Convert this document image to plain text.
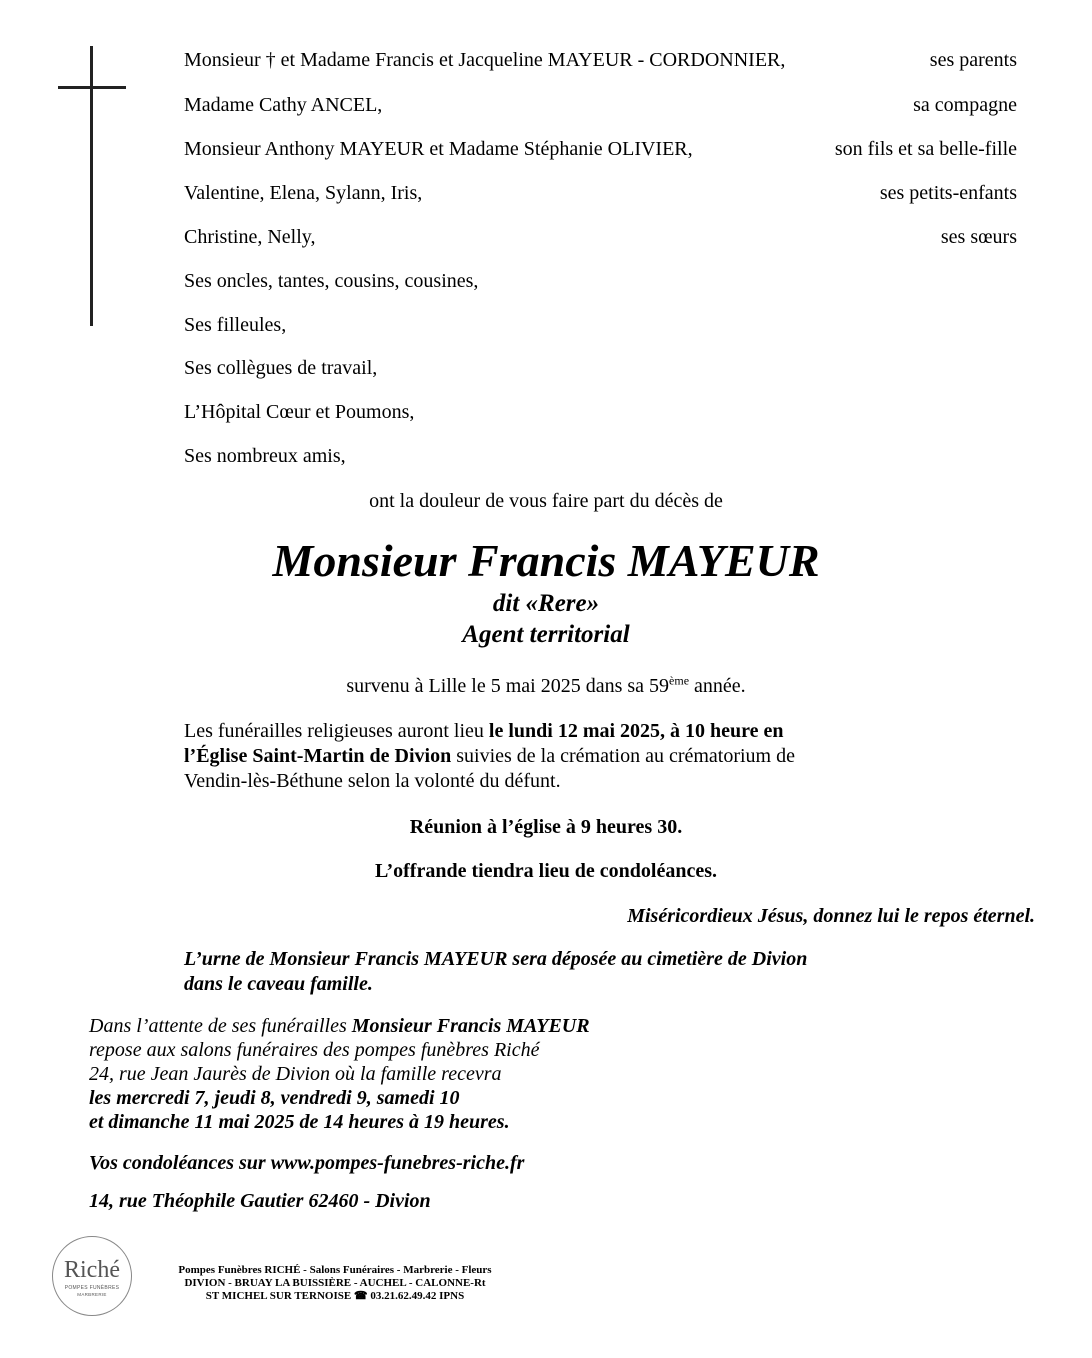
Monsieur † et Madame Francis et Jacqueline MAYEUR - CORDONNIER,	ses parents
Madame Cathy ANCEL,	sa compagne
Monsieur Anthony MAYEUR et Madame Stéphanie OLIVIER,	son fils et sa belle-fille
Valentine, Elena, Sylann, Iris,	ses petits-enfants
Christine, Nelly,	ses sœurs
Ses oncles, tantes, cousins, cousines,
Ses filleules,
Ses collègues de travail,
L’Hôpital Cœur et Poumons,
Ses nombreux amis,
ont la douleur de vous faire part du décès de
Monsieur Francis MAYEUR
dit «Rere»
Agent territorial
survenu à Lille le 5 mai 2025 dans sa 59ème année.
Les funérailles religieuses auront lieu le lundi 12 mai 2025, à 10 heure en
l’Église Saint-Martin de Divion suivies de la crémation au crématorium de
Vendin-lès-Béthune selon la volonté du défunt.
Réunion à l’église à 9 heures 30.
L’offrande tiendra lieu de condoléances.
Miséricordieux Jésus, donnez lui le repos éternel.
L’urne de Monsieur Francis MAYEUR sera déposée au cimetière de Divion
dans le caveau famille.
Dans l’attente de ses funérailles Monsieur Francis MAYEUR
repose aux salons funéraires des pompes funèbres Riché
24, rue Jean Jaurès de Divion où la famille recevra
les mercredi 7, jeudi 8, vendredi 9, samedi 10
et dimanche 11 mai 2025 de 14 heures à 19 heures.
Vos condoléances sur www.pompes-funebres-riche.fr
14, rue Théophile Gautier 62460 - Divion
Riché
POMPES FUNÈBRES
MARBRERIE
Pompes Funèbres RICHÉ - Salons Funéraires - Marbrerie - Fleurs
DIVION - BRUAY LA BUISSIÈRE - AUCHEL - CALONNE-Rt
ST MICHEL SUR TERNOISE ☎ 03.21.62.49.42 IPNS
